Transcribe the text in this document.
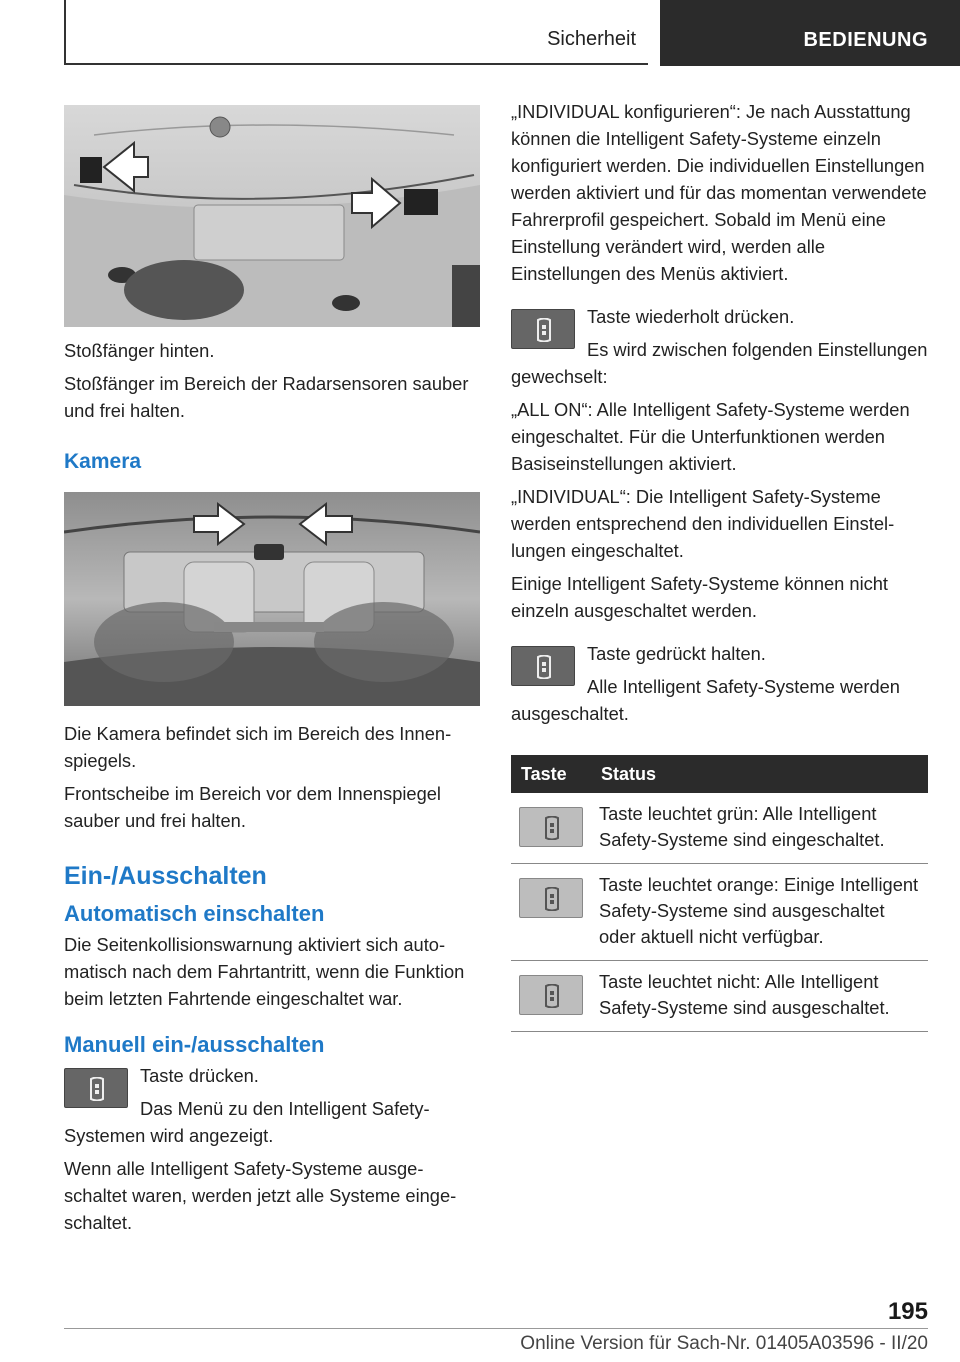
Sicherheit	BEDIENUNG

Stoßfänger hinten.

Stoßfänger im Bereich der Radarsensoren sauber und frei halten.

Kamera

Die Kamera befindet sich im Bereich des Innenspiegels.

Frontscheibe im Bereich vor dem Innenspiegel sauber und frei halten.

Ein-/Ausschalten
Automatisch einschalten

Die Seitenkollisionswarnung aktiviert sich automatisch nach dem Fahrtantritt, wenn die Funktion beim letzten Fahrtende eingeschaltet war.

Manuell ein-/ausschalten

Taste drücken.

Das Menü zu den Intelligent Safety-Systemen wird angezeigt.

Wenn alle Intelligent Safety-Systeme ausgeschaltet waren, werden jetzt alle Systeme eingeschaltet.

„INDIVIDUAL konfigurieren“: Je nach Ausstattung können die Intelligent Safety-Systeme einzeln konfiguriert werden. Die individuellen Einstellungen werden aktiviert und für das momentan verwendete Fahrerprofil gespeichert. Sobald im Menü eine Einstellung verändert wird, werden alle Einstellungen des Menüs aktiviert.

Taste wiederholt drücken.

Es wird zwischen folgenden Einstellungen gewechselt:

„ALL ON“: Alle Intelligent Safety-Systeme werden eingeschaltet. Für die Unterfunktionen werden Basiseinstellungen aktiviert.

„INDIVIDUAL“: Die Intelligent Safety-Systeme werden entsprechend den individuellen Einstellungen eingeschaltet.

Einige Intelligent Safety-Systeme können nicht einzeln ausgeschaltet werden.

Taste gedrückt halten.

Alle Intelligent Safety-Systeme werden ausgeschaltet.

Taste	Status

	Taste leuchtet grün: Alle Intelligent Safety-Systeme sind eingeschaltet.

	Taste leuchtet orange: Einige Intelligent Safety-Systeme sind ausgeschaltet oder aktuell nicht verfügbar.

	Taste leuchtet nicht: Alle Intelligent Safety-Systeme sind ausgeschaltet.
195
Online Version für Sach-Nr. 01405A03596 - II/20
